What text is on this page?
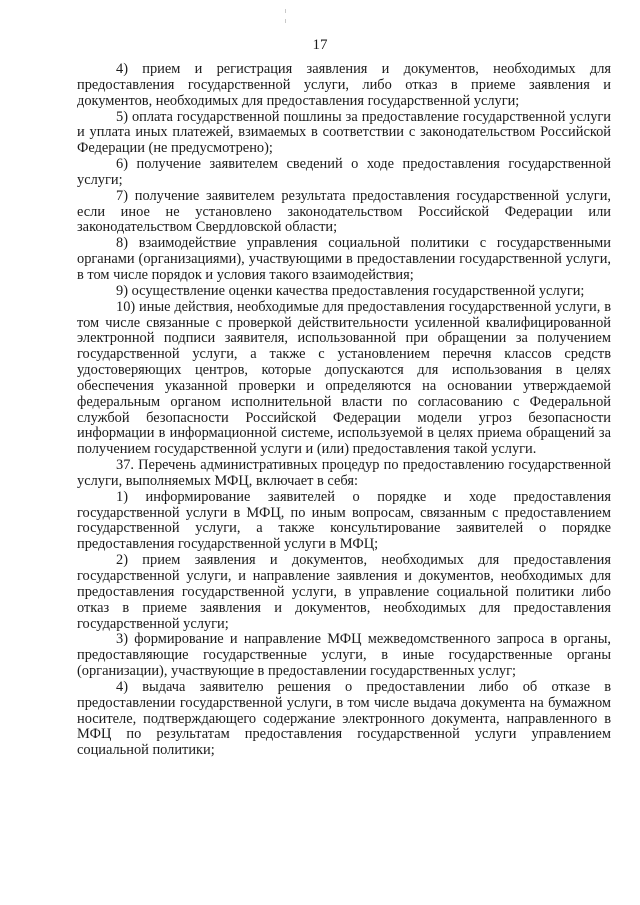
17

4) прием и регистрация заявления и документов, необходимых для предоставления государственной услуги, либо отказ в приеме заявления и документов, необходимых для предоставления государственной услуги;

5) оплата государственной пошлины за предоставление государственной услуги и уплата иных платежей, взимаемых в соответствии с законодательством Российской Федерации (не предусмотрено);

6) получение заявителем сведений о ходе предоставления государственной услуги;

7) получение заявителем результата предоставления государственной услуги, если иное не установлено законодательством Российской Федерации или законодательством Свердловской области;

8) взаимодействие управления социальной политики с государственными органами (организациями), участвующими в предоставлении государственной услуги, в том числе порядок и условия такого взаимодействия;

9) осуществление оценки качества предоставления государственной услуги;

10) иные действия, необходимые для предоставления государственной услуги, в том числе связанные с проверкой действительности усиленной квалифицированной электронной подписи заявителя, использованной при обращении за получением государственной услуги, а также с установлением перечня классов средств удостоверяющих центров, которые допускаются для использования в целях обеспечения указанной проверки и определяются на основании утверждаемой федеральным органом исполнительной власти по согласованию с Федеральной службой безопасности Российской Федерации модели угроз безопасности информации в информационной системе, используемой в целях приема обращений за получением государственной услуги и (или) предоставления такой услуги.

37. Перечень административных процедур по предоставлению государственной услуги, выполняемых МФЦ, включает в себя:

1) информирование заявителей о порядке и ходе предоставления государственной услуги в МФЦ, по иным вопросам, связанным с предоставлением государственной услуги, а также консультирование заявителей о порядке предоставления государственной услуги в МФЦ;

2) прием заявления и документов, необходимых для предоставления государственной услуги, и направление заявления и документов, необходимых для предоставления государственной услуги, в управление социальной политики либо отказ в приеме заявления и документов, необходимых для предоставления государственной услуги;

3) формирование и направление МФЦ межведомственного запроса в органы, предоставляющие государственные услуги, в иные государственные органы (организации), участвующие в предоставлении государственных услуг;

4) выдача заявителю решения о предоставлении либо об отказе в предоставлении государственной услуги, в том числе выдача документа на бумажном носителе, подтверждающего содержание электронного документа, направленного в МФЦ по результатам предоставления государственной услуги управлением социальной политики;
